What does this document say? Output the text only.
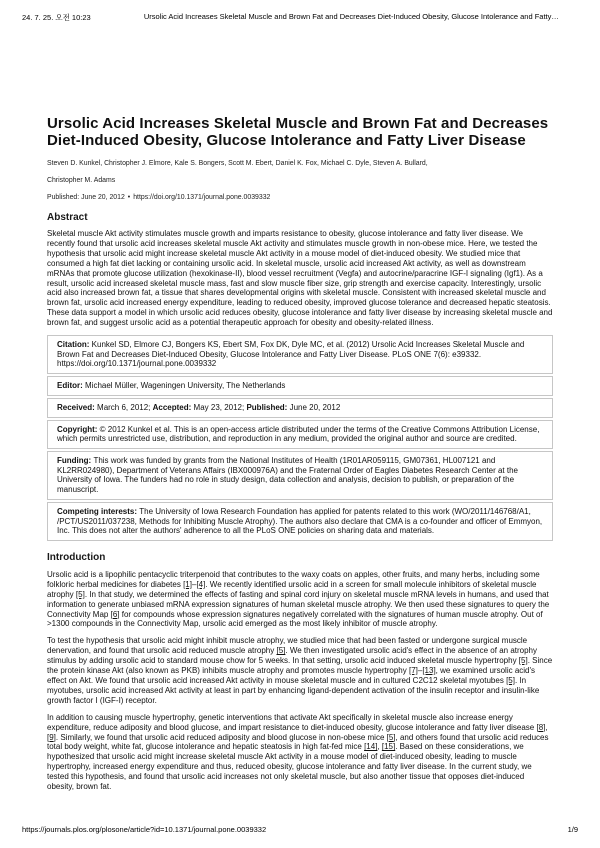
24. 7. 25. 오전 10:23	Ursolic Acid Increases Skeletal Muscle and Brown Fat and Decreases Diet-Induced Obesity, Glucose Intolerance and Fatty…
Ursolic Acid Increases Skeletal Muscle and Brown Fat and Decreases Diet-Induced Obesity, Glucose Intolerance and Fatty Liver Disease
Steven D. Kunkel, Christopher J. Elmore, Kale S. Bongers, Scott M. Ebert, Daniel K. Fox, Michael C. Dyle, Steven A. Bullard,
Christopher M. Adams
Published: June 20, 2012 • https://doi.org/10.1371/journal.pone.0039332
Abstract
Skeletal muscle Akt activity stimulates muscle growth and imparts resistance to obesity, glucose intolerance and fatty liver disease. We recently found that ursolic acid increases skeletal muscle Akt activity and stimulates muscle growth in non-obese mice. Here, we tested the hypothesis that ursolic acid might increase skeletal muscle Akt activity in a mouse model of diet-induced obesity. We studied mice that consumed a high fat diet lacking or containing ursolic acid. In skeletal muscle, ursolic acid increased Akt activity, as well as downstream mRNAs that promote glucose utilization (hexokinase-II), blood vessel recruitment (Vegfa) and autocrine/paracrine IGF-I signaling (Igf1). As a result, ursolic acid increased skeletal muscle mass, fast and slow muscle fiber size, grip strength and exercise capacity. Interestingly, ursolic acid also increased brown fat, a tissue that shares developmental origins with skeletal muscle. Consistent with increased skeletal muscle and brown fat, ursolic acid increased energy expenditure, leading to reduced obesity, improved glucose tolerance and decreased hepatic steatosis. These data support a model in which ursolic acid reduces obesity, glucose intolerance and fatty liver disease by increasing skeletal muscle and brown fat, and suggest ursolic acid as a potential therapeutic approach for obesity and obesity-related illness.
Citation: Kunkel SD, Elmore CJ, Bongers KS, Ebert SM, Fox DK, Dyle MC, et al. (2012) Ursolic Acid Increases Skeletal Muscle and Brown Fat and Decreases Diet-Induced Obesity, Glucose Intolerance and Fatty Liver Disease. PLoS ONE 7(6): e39332. https://doi.org/10.1371/journal.pone.0039332
Editor: Michael Müller, Wageningen University, The Netherlands
Received: March 6, 2012; Accepted: May 23, 2012; Published: June 20, 2012
Copyright: © 2012 Kunkel et al. This is an open-access article distributed under the terms of the Creative Commons Attribution License, which permits unrestricted use, distribution, and reproduction in any medium, provided the original author and source are credited.
Funding: This work was funded by grants from the National Institutes of Health (1R01AR059115, GM07361, HL007121 and KL2RR024980), Department of Veterans Affairs (IBX000976A) and the Fraternal Order of Eagles Diabetes Research Center at the University of Iowa. The funders had no role in study design, data collection and analysis, decision to publish, or preparation of the manuscript.
Competing interests: The University of Iowa Research Foundation has applied for patents related to this work (WO/2011/146768/A1, /PCT/US2011/037238, Methods for Inhibiting Muscle Atrophy). The authors also declare that CMA is a co-founder and officer of Emmyon, Inc. This does not alter the authors' adherence to all the PLoS ONE policies on sharing data and materials.
Introduction
Ursolic acid is a lipophilic pentacyclic triterpenoid that contributes to the waxy coats on apples, other fruits, and many herbs, including some folkloric herbal medicines for diabetes [1]–[4]. We recently identified ursolic acid in a screen for small molecule inhibitors of skeletal muscle atrophy [5]. In that study, we determined the effects of fasting and spinal cord injury on skeletal muscle mRNA levels in humans, and used that information to generate unbiased mRNA expression signatures of human skeletal muscle atrophy. We then used these signatures to query the Connectivity Map [6] for compounds whose expression signatures negatively correlated with the signatures of human muscle atrophy. Out of >1300 compounds in the Connectivity Map, ursolic acid emerged as the most likely inhibitor of muscle atrophy.
To test the hypothesis that ursolic acid might inhibit muscle atrophy, we studied mice that had been fasted or undergone surgical muscle denervation, and found that ursolic acid reduced muscle atrophy [5]. We then investigated ursolic acid's effect in the absence of an atrophy stimulus by adding ursolic acid to standard mouse chow for 5 weeks. In that setting, ursolic acid induced skeletal muscle hypertrophy [5]. Since the protein kinase Akt (also known as PKB) inhibits muscle atrophy and promotes muscle hypertrophy [7]–[13], we examined ursolic acid's effect on Akt. We found that ursolic acid increased Akt activity in mouse skeletal muscle and in cultured C2C12 skeletal myotubes [5]. In myotubes, ursolic acid increased Akt activity at least in part by enhancing ligand-dependent activation of the insulin receptor and insulin-like growth factor I (IGF-I) receptor.
In addition to causing muscle hypertrophy, genetic interventions that activate Akt specifically in skeletal muscle also increase energy expenditure, reduce adiposity and blood glucose, and impart resistance to diet-induced obesity, glucose intolerance and fatty liver disease [8], [9]. Similarly, we found that ursolic acid reduced adiposity and blood glucose in non-obese mice [5], and others found that ursolic acid reduces total body weight, white fat, glucose intolerance and hepatic steatosis in high fat-fed mice [14], [15]. Based on these considerations, we hypothesized that ursolic acid might increase skeletal muscle Akt activity in a mouse model of diet-induced obesity, leading to muscle hypertrophy, increased energy expenditure and thus, reduced obesity, glucose intolerance and fatty liver disease. In the current study, we tested this hypothesis, and found that ursolic acid increases not only skeletal muscle, but also another tissue that opposes diet-induced obesity, brown fat.
https://journals.plos.org/plosone/article?id=10.1371/journal.pone.0039332	1/9
